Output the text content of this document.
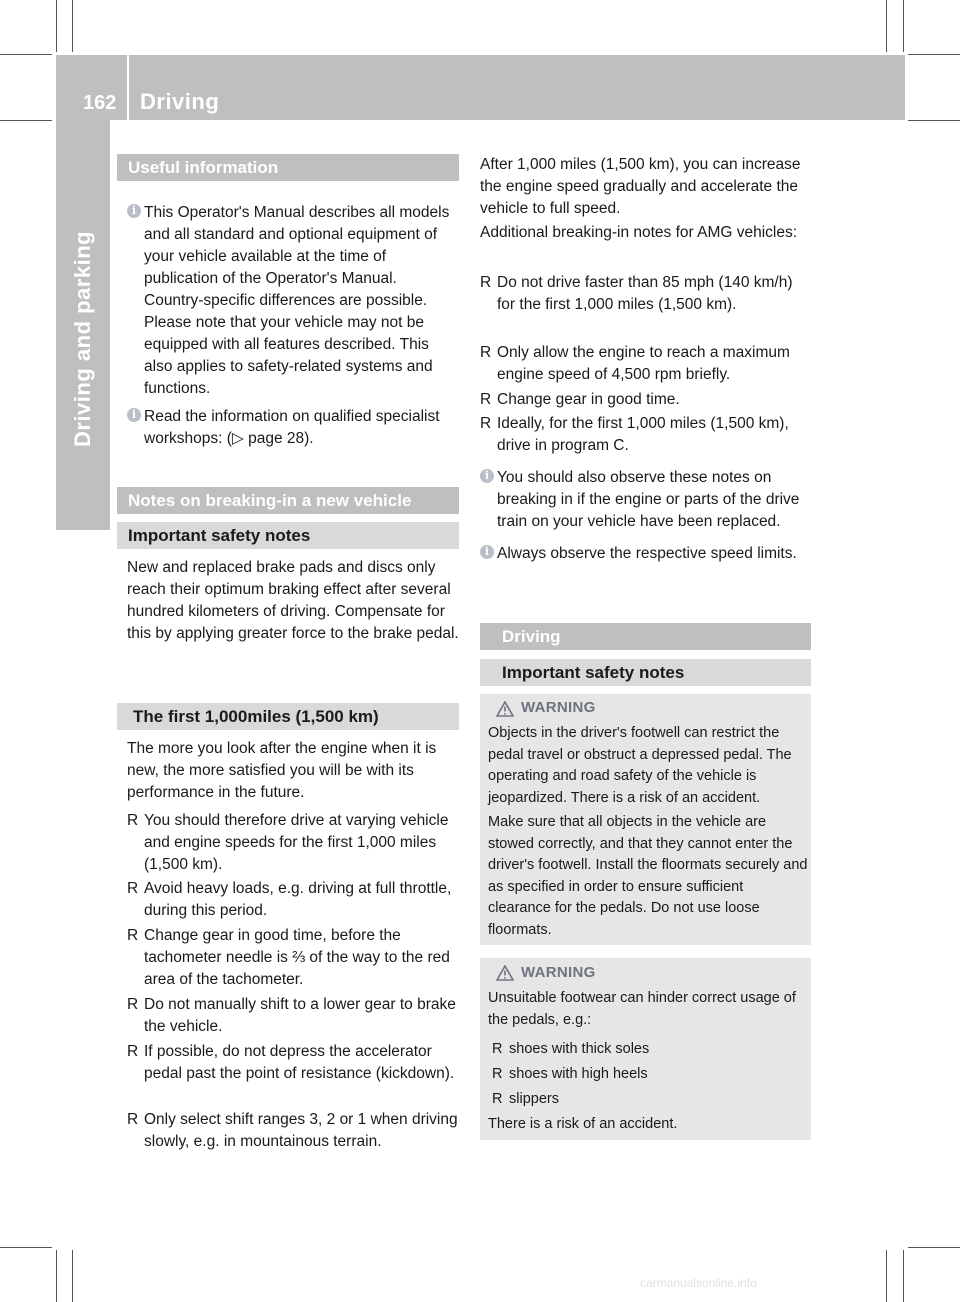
162 Driving
Driving and parking
Useful information
i This Operator's Manual describes all models and all standard and optional equipment of your vehicle available at the time of publication of the Operator's Manual. Country-specific differences are possible. Please note that your vehicle may not be equipped with all features described. This also applies to safety-related systems and functions.
i Read the information on qualified specialist workshops: (▷ page 28).
Notes on breaking-in a new vehicle
Important safety notes
New and replaced brake pads and discs only reach their optimum braking effect after several hundred kilometers of driving. Compensate for this by applying greater force to the brake pedal.
The first 1,000miles (1,500 km)
The more you look after the engine when it is new, the more satisfied you will be with its performance in the future.
R You should therefore drive at varying vehicle and engine speeds for the first 1,000 miles (1,500 km).
R Avoid heavy loads, e.g. driving at full throttle, during this period.
R Change gear in good time, before the tachometer needle is ⅔ of the way to the red area of the tachometer.
R Do not manually shift to a lower gear to brake the vehicle.
R If possible, do not depress the accelerator pedal past the point of resistance (kickdown).
R Only select shift ranges 3, 2 or 1 when driving slowly, e.g. in mountainous terrain.
After 1,000 miles (1,500 km), you can increase the engine speed gradually and accelerate the vehicle to full speed.
Additional breaking-in notes for AMG vehicles:
R Do not drive faster than 85 mph (140 km/h) for the first 1,000 miles (1,500 km).
R Only allow the engine to reach a maximum engine speed of 4,500 rpm briefly.
R Change gear in good time.
R Ideally, for the first 1,000 miles (1,500 km), drive in program C.
i You should also observe these notes on breaking in if the engine or parts of the drive train on your vehicle have been replaced.
i Always observe the respective speed limits.
Driving
Important safety notes
WARNING
Objects in the driver's footwell can restrict the pedal travel or obstruct a depressed pedal. The operating and road safety of the vehicle is jeopardized. There is a risk of an accident.
Make sure that all objects in the vehicle are stowed correctly, and that they cannot enter the driver's footwell. Install the floormats securely and as specified in order to ensure sufficient clearance for the pedals. Do not use loose floormats.
WARNING
Unsuitable footwear can hinder correct usage of the pedals, e.g.:
R shoes with thick soles
R shoes with high heels
R slippers
There is a risk of an accident.
carmanualsonline.info
